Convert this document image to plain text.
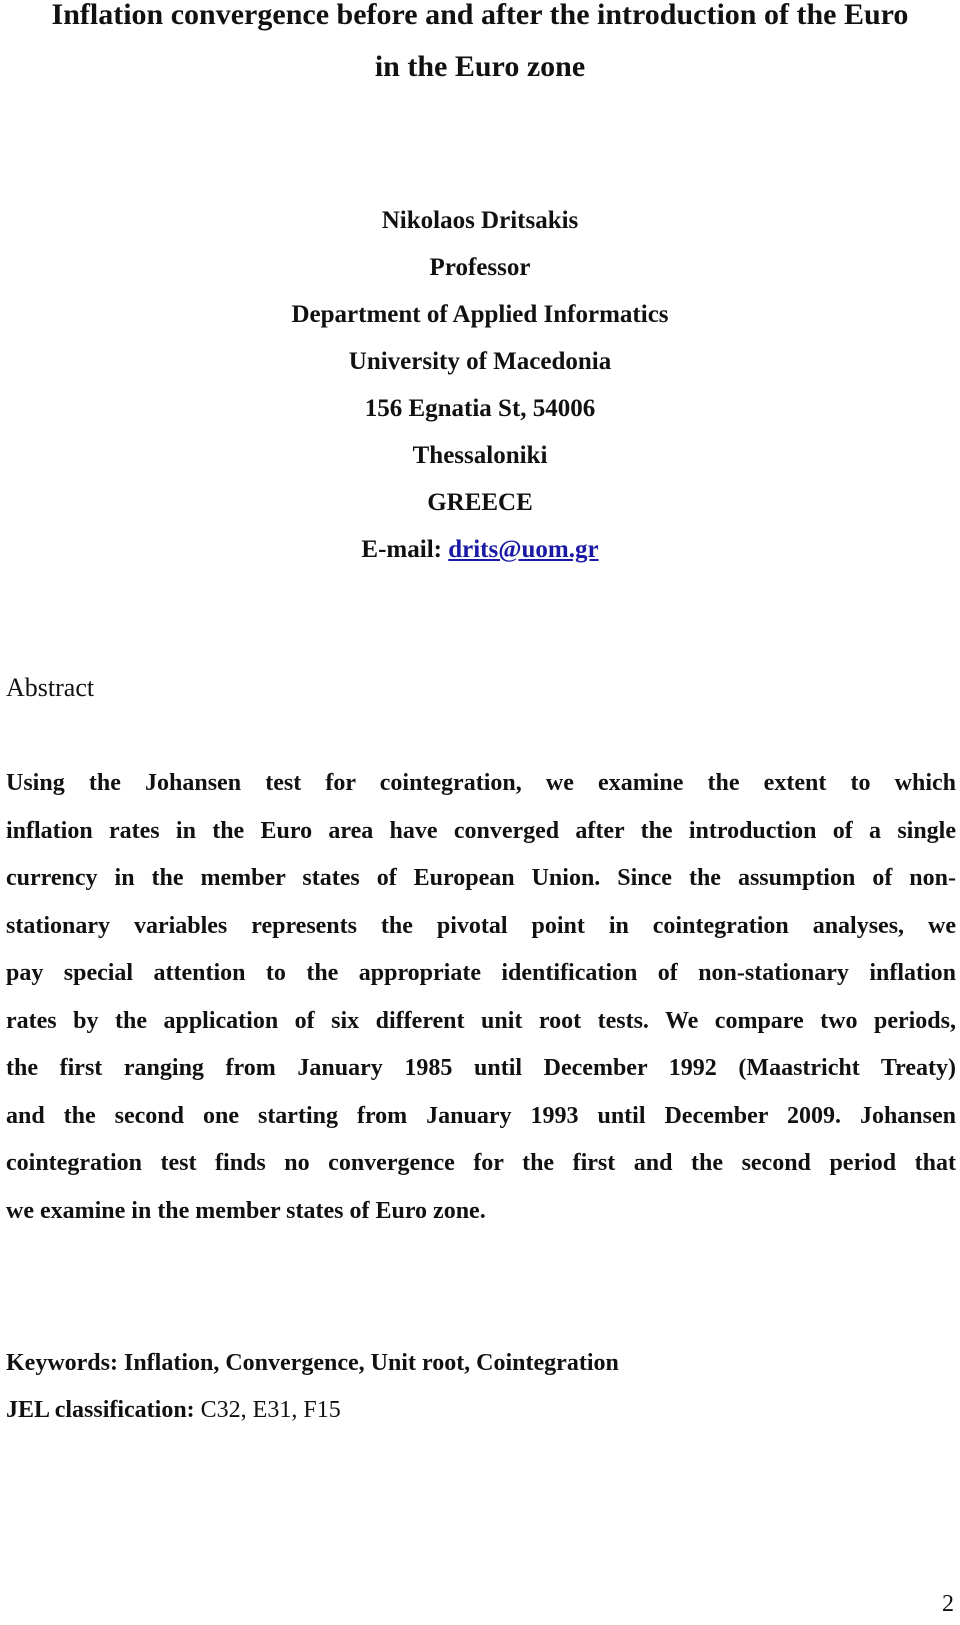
Inflation convergence before and after the introduction of the Euro
in the Euro zone
Nikolaos Dritsakis
Professor
Department of Applied Informatics
University of Macedonia
156 Egnatia St, 54006
Thessaloniki
GREECE
E-mail: drits@uom.gr
Abstract
Using the Johansen test for cointegration, we examine the extent to which
inflation rates in the Euro area have converged after the introduction of a single
currency in the member states of European Union. Since the assumption of non-
stationary variables represents the pivotal point in cointegration analyses, we
pay special attention to the appropriate identification of non-stationary inflation
rates by the application of six different unit root tests. We compare two periods,
the first ranging from January 1985 until December 1992 (Maastricht Treaty)
and the second one starting from January 1993 until December 2009. Johansen
cointegration test finds no convergence for the first and the second period that
we examine in the member states of Euro zone.
Keywords: Inflation, Convergence, Unit root, Cointegration
JEL classification: C32, E31, F15
2
